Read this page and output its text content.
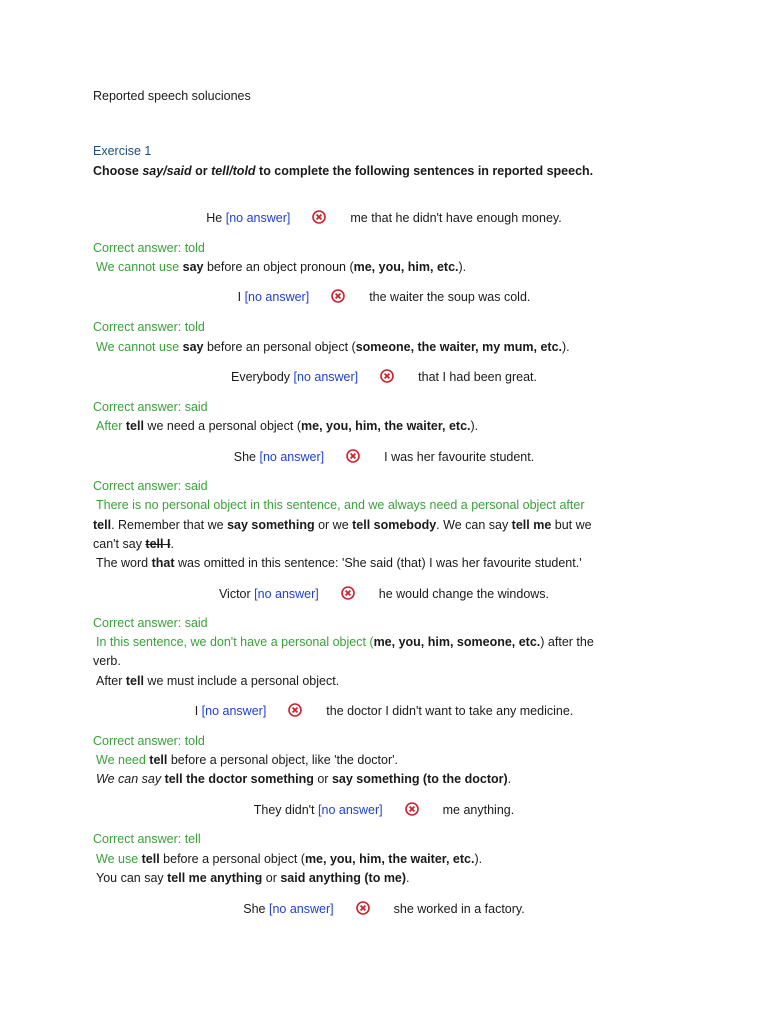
Reported speech soluciones
Exercise 1
Choose say/said or tell/told to complete the following sentences in reported speech.
He [no answer]	me that he didn't have enough money.
Correct answer: told
We cannot use say before an object pronoun (me, you, him, etc.).
I [no answer]	the waiter the soup was cold.
Correct answer: told
We cannot use say before an personal object (someone, the waiter, my mum, etc.).
Everybody [no answer]	that I had been great.
Correct answer: said
After tell we need a personal object (me, you, him, the waiter, etc.).
She [no answer]	I was her favourite student.
Correct answer: said
There is no personal object in this sentence, and we always need a personal object after
tell. Remember that we say something or we tell somebody. We can say tell me but we
can't say tell I.
The word that was omitted in this sentence: 'She said (that) I was her favourite student.'
Victor [no answer]	he would change the windows.
Correct answer: said
In this sentence, we don't have a personal object (me, you, him, someone, etc.) after the
verb.
After tell we must include a personal object.
I [no answer]	the doctor I didn't want to take any medicine.
Correct answer: told
We need tell before a personal object, like 'the doctor'.
We can say tell the doctor something or say something (to the doctor).
They didn't [no answer]	me anything.
Correct answer: tell
We use tell before a personal object (me, you, him, the waiter, etc.).
You can say tell me anything or said anything (to me).
She [no answer]	she worked in a factory.
